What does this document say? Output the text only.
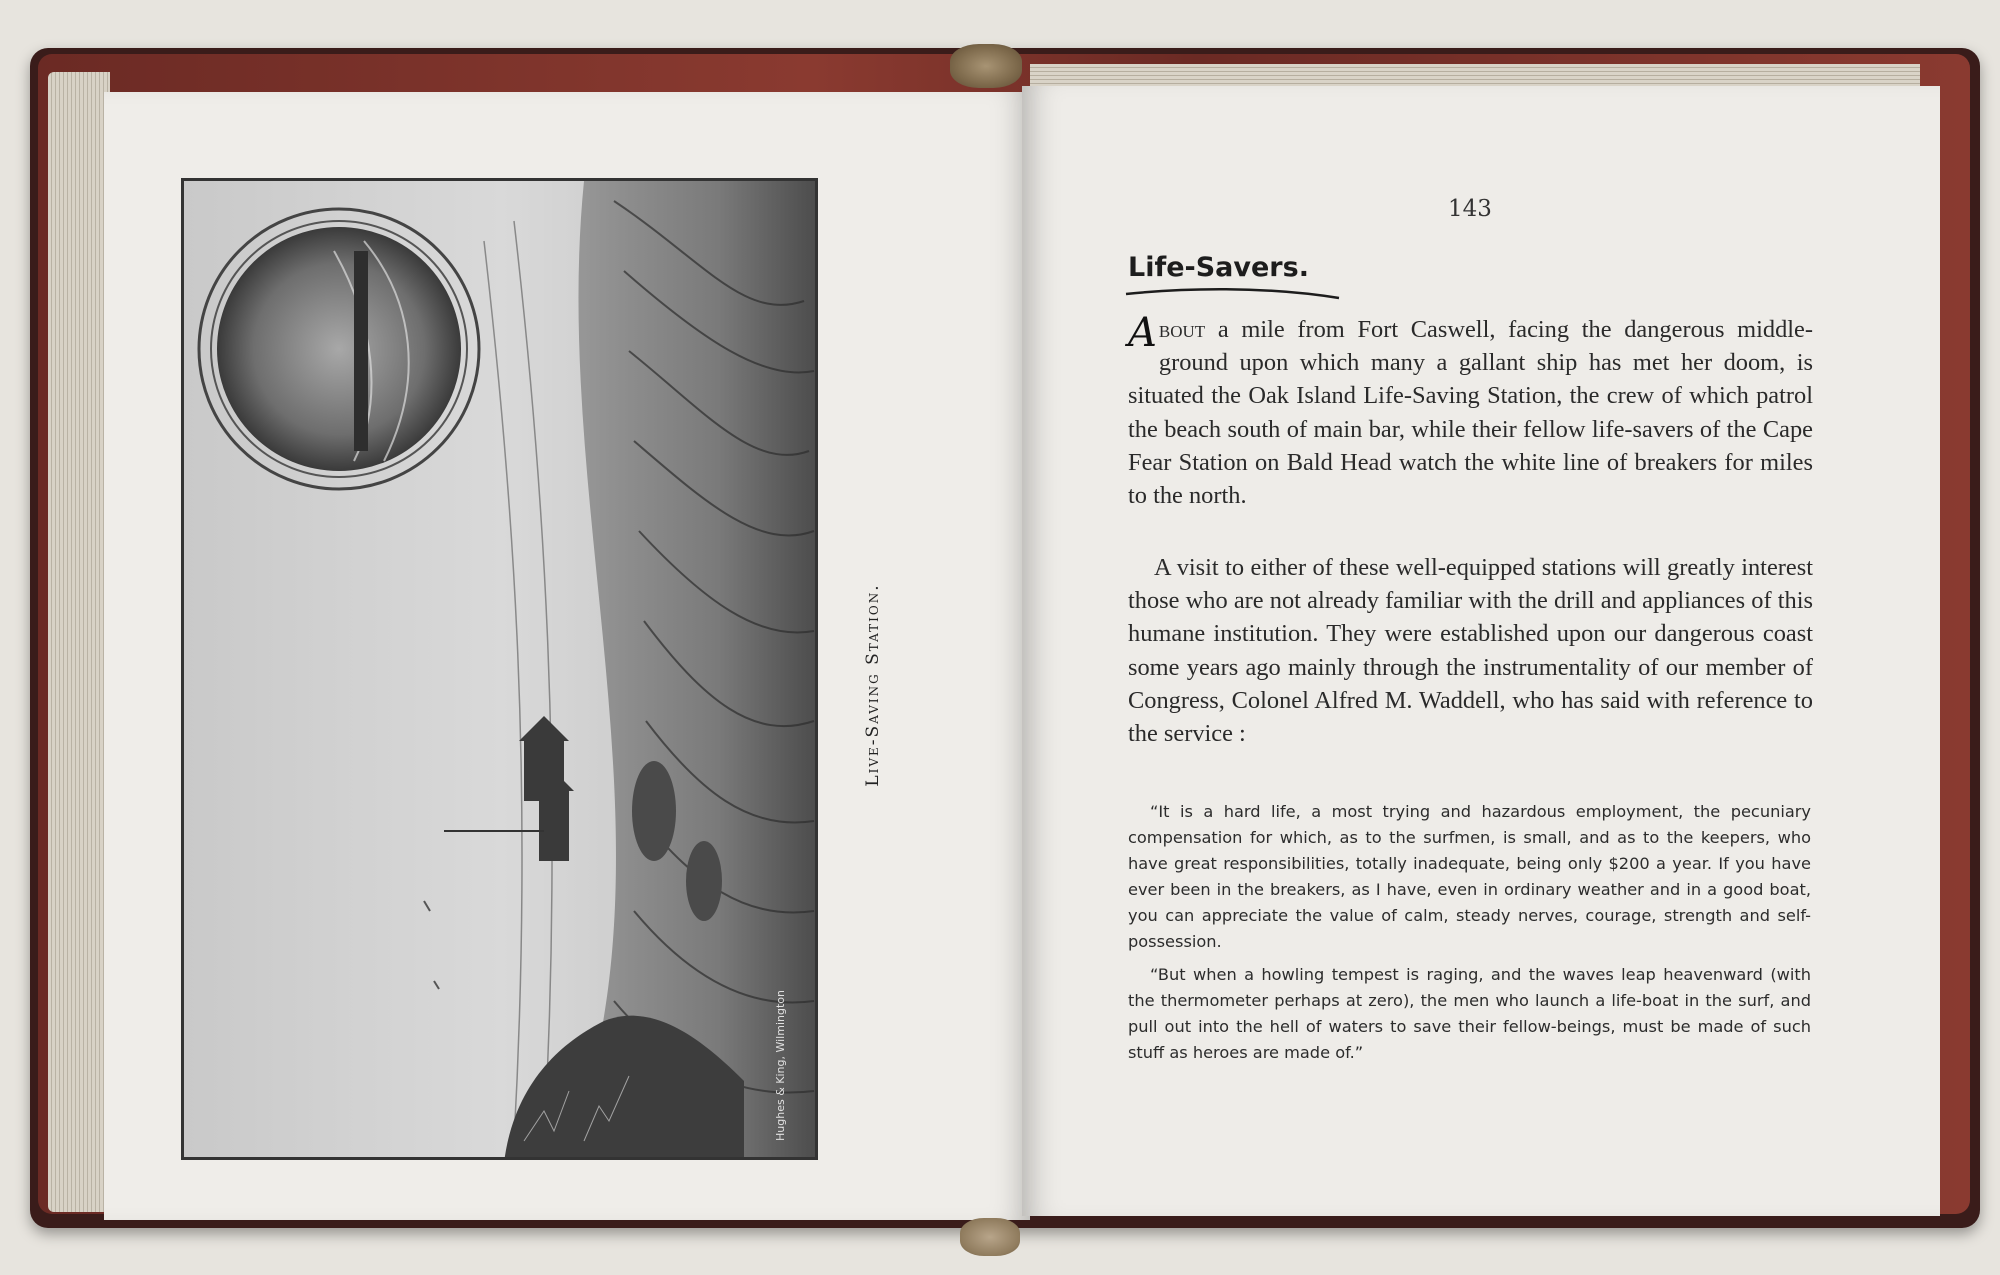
Hughes & King, Wilmington
Live-Saving Station.
143
Life-Savers.

About a mile from Fort Caswell, facing the dangerous middle-ground upon which many a gallant ship has met her doom, is situated the Oak Island Life-Saving Station, the crew of which patrol the beach south of main bar, while their fellow life-savers of the Cape Fear Station on Bald Head watch the white line of breakers for miles to the north.

A visit to either of these well-equipped stations will greatly interest those who are not already familiar with the drill and appliances of this humane institution. They were established upon our dangerous coast some years ago mainly through the instrumentality of our member of Congress, Colonel Alfred M. Waddell, who has said with reference to the service :

“It is a hard life, a most trying and hazardous employment, the pecuniary compensation for which, as to the surfmen, is small, and as to the keepers, who have great responsibilities, totally inadequate, being only $200 a year. If you have ever been in the breakers, as I have, even in ordinary weather and in a good boat, you can appreciate the value of calm, steady nerves, courage, strength and self-possession.

“But when a howling tempest is raging, and the waves leap heavenward (with the thermometer perhaps at zero), the men who launch a life-boat in the surf, and pull out into the hell of waters to save their fellow-beings, must be made of such stuff as heroes are made of.”
